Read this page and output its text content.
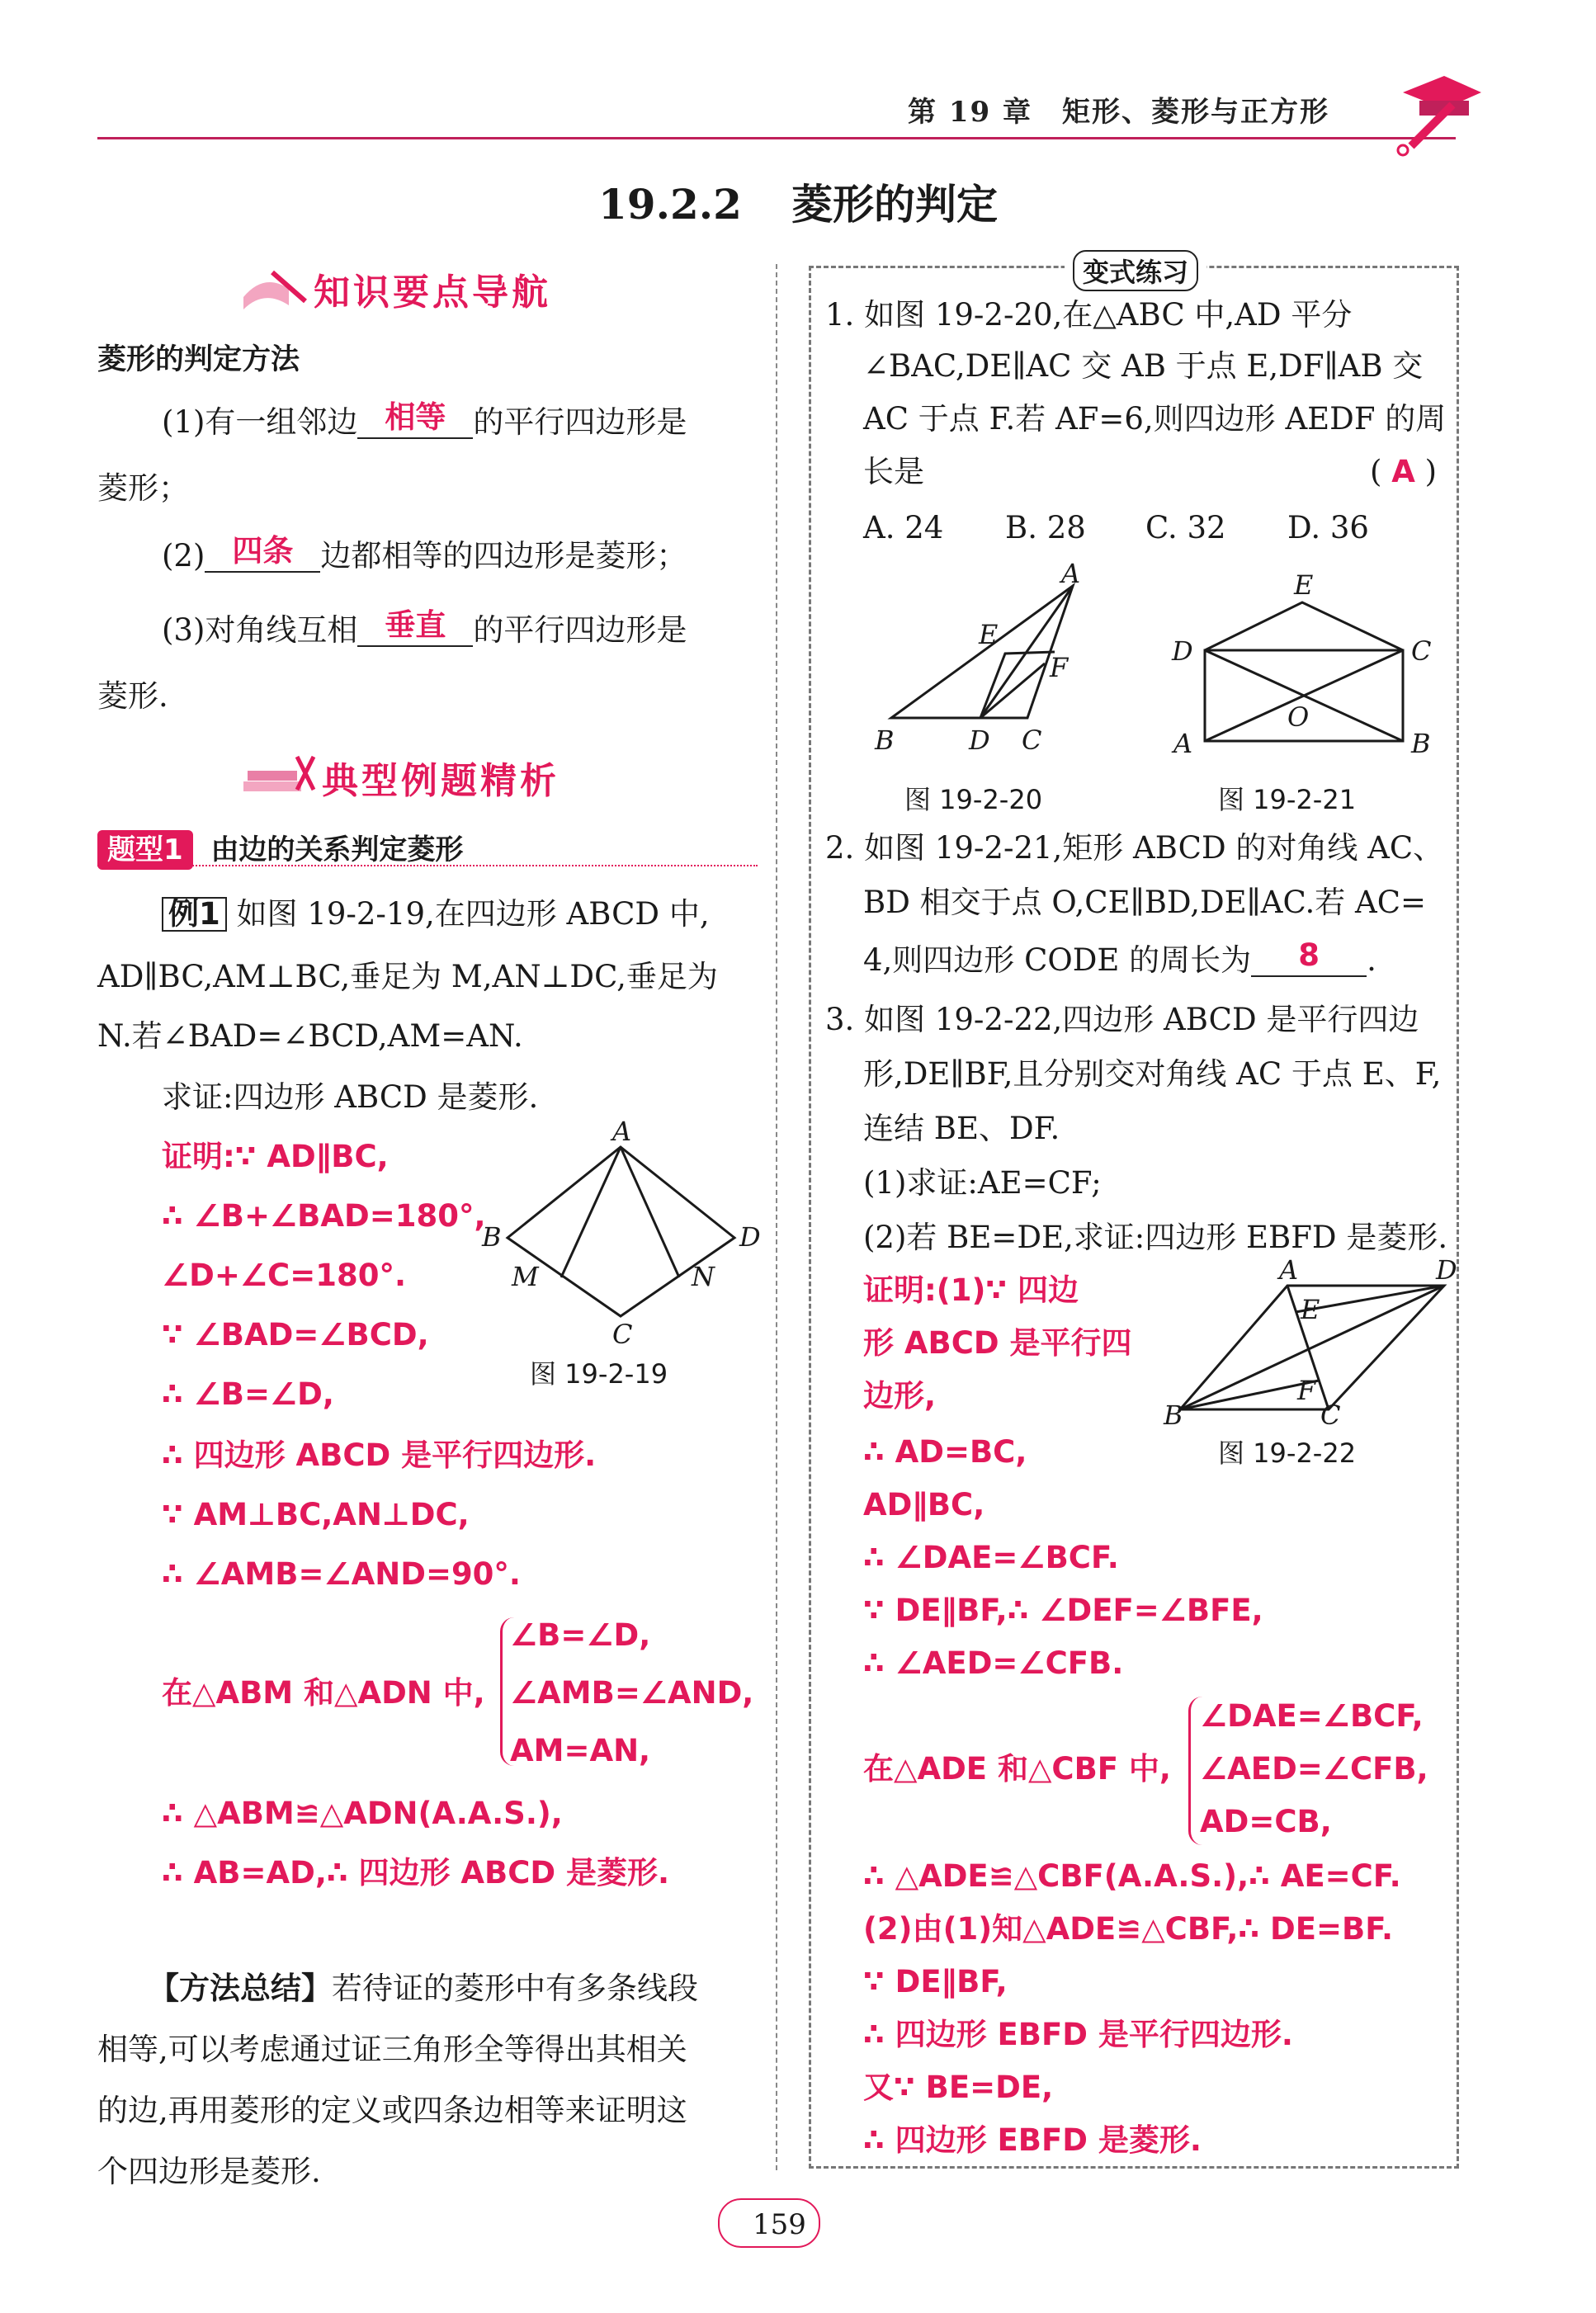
第 19 章　矩形、菱形与正方形
19.2.2 菱形的判定
知识要点导航
菱形的判定方法
(1)有一组邻边 相等 的平行四边形是
菱形；
(2) 四条 边都相等的四边形是菱形；
(3)对角线互相 垂直 的平行四边形是
菱形.
典型例题精析
题型1 由边的关系判定菱形
例1 如图 19-2-19,在四边形 ABCD 中,
AD∥BC,AM⊥BC,垂足为 M,AN⊥DC,垂足为
N.若∠BAD=∠BCD,AM=AN.
求证:四边形 ABCD 是菱形.
证明:∵ AD∥BC,
∴ ∠B+∠BAD=180°,
∠D+∠C=180°.
∵ ∠BAD=∠BCD,
∴ ∠B=∠D,
∴ 四边形 ABCD 是平行四边形.
∵ AM⊥BC,AN⊥DC,
∴ ∠AMB=∠AND=90°.
在△ABM 和△ADN 中,
∠B=∠D,
∠AMB=∠AND,
AM=AN,
∴ △ABM≌△ADN(A.A.S.),
∴ AB=AD,∴ 四边形 ABCD 是菱形.
A
B	D
C
M	N
图 19-2-19
【方法总结】若待证的菱形中有多条线段
相等,可以考虑通过证三角形全等得出其相关
的边,再用菱形的定义或四条边相等来证明这
个四边形是菱形.
变式练习
1. 如图 19-2-20,在△ABC 中,AD 平分
∠BAC,DE∥AC 交 AB 于点 E,DF∥AB 交
AC 于点 F.若 AF=6,则四边形 AEDF 的周
长是	( A )
A. 24 B. 28 C. 32 D. 36
A
B	C
D
E
F
图 19-2-20
E
D	C
A	B
O
图 19-2-21
2. 如图 19-2-21,矩形 ABCD 的对角线 AC、
BD 相交于点 O,CE∥BD,DE∥AC.若 AC=
4,则四边形 CODE 的周长为 8 .
3. 如图 19-2-22,四边形 ABCD 是平行四边
形,DE∥BF,且分别交对角线 AC 于点 E、F,
连结 BE、DF.
(1)求证:AE=CF;
(2)若 BE=DE,求证:四边形 EBFD 是菱形.
证明:(1)∵ 四边
形 ABCD 是平行四
边形,
∴ AD=BC,
AD∥BC,
∴ ∠DAE=∠BCF.
∵ DE∥BF,∴ ∠DEF=∠BFE,
∴ ∠AED=∠CFB.
A	D
B	C
E
F
图 19-2-22
在△ADE 和△CBF 中,
∠DAE=∠BCF,
∠AED=∠CFB,
AD=CB,
∴ △ADE≌△CBF(A.A.S.),∴ AE=CF.
(2)由(1)知△ADE≌△CBF,∴ DE=BF.
∵ DE∥BF,
∴ 四边形 EBFD 是平行四边形.
又∵ BE=DE,
∴ 四边形 EBFD 是菱形.
159
